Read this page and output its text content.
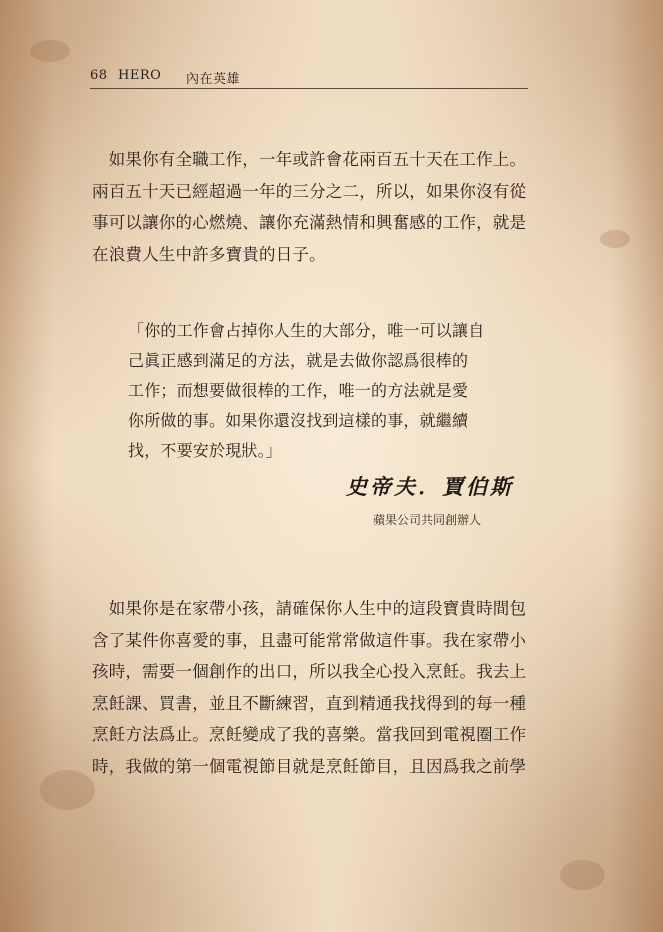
68 HERO 內在英雄

　如果你有全職工作，一年或許會花兩百五十天在工作上。
兩百五十天已經超過一年的三分之二，所以，如果你沒有從
事可以讓你的心燃燒、讓你充滿熱情和興奮感的工作，就是
在浪費人生中許多寶貴的日子。

「你的工作會占掉你人生的大部分，唯一可以讓自
己眞正感到滿足的方法，就是去做你認爲很棒的
工作；而想要做很棒的工作，唯一的方法就是愛
你所做的事。如果你還沒找到這樣的事，就繼續
找，不要安於現狀。」

史帝夫．賈伯斯
蘋果公司共同創辦人

　如果你是在家帶小孩，請確保你人生中的這段寶貴時間包
含了某件你喜愛的事，且盡可能常常做這件事。我在家帶小
孩時，需要一個創作的出口，所以我全心投入烹飪。我去上
烹飪課、買書，並且不斷練習，直到精通我找得到的每一種
烹飪方法爲止。烹飪變成了我的喜樂。當我回到電視圈工作
時，我做的第一個電視節目就是烹飪節目，且因爲我之前學
